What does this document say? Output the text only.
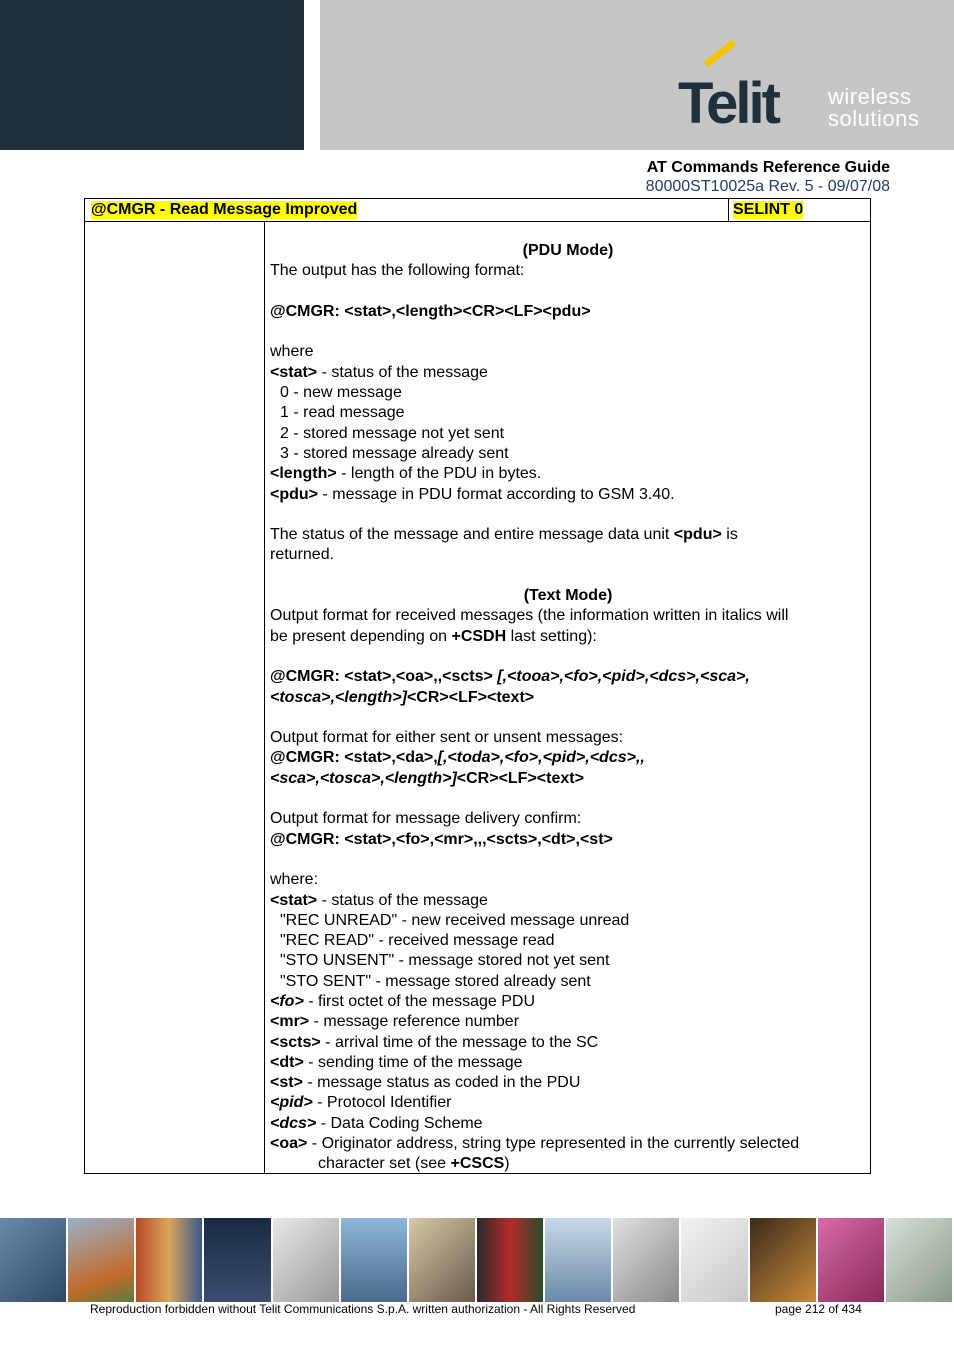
Telit wireless
solutions
AT Commands Reference Guide
80000ST10025a Rev. 5 - 09/07/08
@CMGR - Read Message Improved	SELINT 0
(PDU Mode)
The output has the following format:
@CMGR: <stat>,<length><CR><LF><pdu>
where
<stat> - status of the message
0 - new message
1 - read message
2 - stored message not yet sent
3 - stored message already sent
<length> - length of the PDU in bytes.
<pdu> - message in PDU format according to GSM 3.40.
The status of the message and entire message data unit <pdu> is
returned.
(Text Mode)
Output format for received messages (the information written in italics will
be present depending on +CSDH last setting):
@CMGR: <stat>,<oa>,,<scts> [,<tooa>,<fo>,<pid>,<dcs>,<sca>,
<tosca>,<length>]<CR><LF><text>
Output format for either sent or unsent messages:
@CMGR: <stat>,<da>,[,<toda>,<fo>,<pid>,<dcs>,,
<sca>,<tosca>,<length>]<CR><LF><text>
Output format for message delivery confirm:
@CMGR: <stat>,<fo>,<mr>,,,<scts>,<dt>,<st>
where:
<stat> - status of the message
"REC UNREAD" - new received message unread
"REC READ" - received message read
"STO UNSENT" - message stored not yet sent
"STO SENT" - message stored already sent
<fo> - first octet of the message PDU
<mr> - message reference number
<scts> - arrival time of the message to the SC
<dt> - sending time of the message
<st> - message status as coded in the PDU
<pid> - Protocol Identifier
<dcs> - Data Coding Scheme
<oa> - Originator address, string type represented in the currently selected
character set (see +CSCS)
Reproduction forbidden without Telit Communications S.p.A. written authorization - All Rights Reserved	page 212 of 434
